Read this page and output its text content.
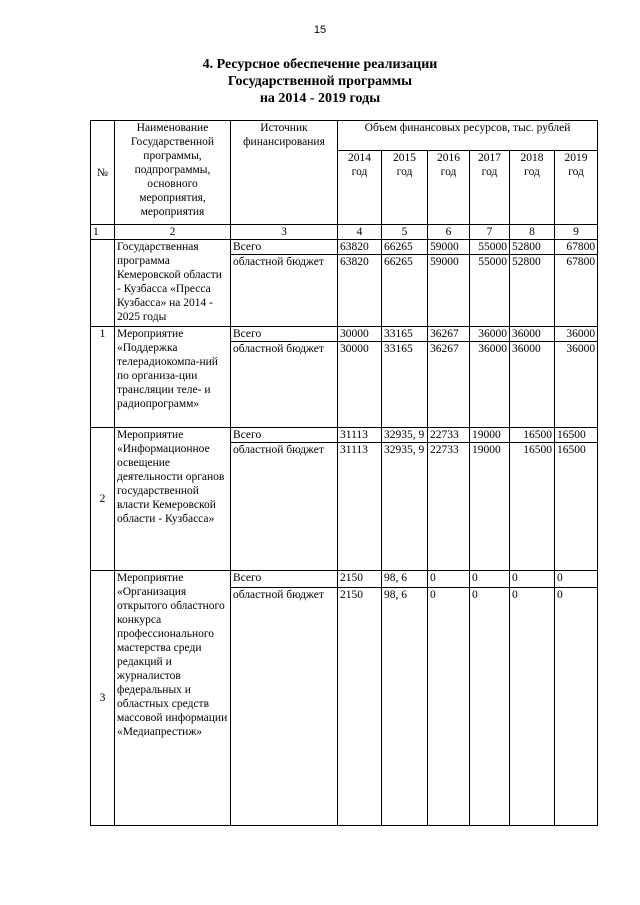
15
4. Ресурсное обеспечение реализации
Государственной программы
на 2014 - 2019 годы
№	Наименование Государственной программы, подпрограммы, основного мероприятия, мероприятия	Источник финансирования	Объем финансовых ресурсов, тыс. рублей					
			2014 год	2015 год	2016 год	2017 год	2018 год	2019 год
1	2	3	4	5	6	7	8	9
	Государственная программа Кемеровской области - Кузбасса «Пресса Кузбасса» на 2014 - 2025 годы	Всего	63820	66265	59000	55000	52800	67800
		областной бюджет	63820	66265	59000	55000	52800	67800
1	Мероприятие «Поддержка телерадиокомпа-ний по организа-ции трансляции теле- и радиопрограмм»	Всего	30000	33165	36267	36000	36000	36000
		областной бюджет	30000	33165	36267	36000	36000	36000
2	Мероприятие «Информационное освещение деятельности органов государственной власти Кемеровской области - Кузбасса»	Всего	31113	32935, 9	22733	19000	16500	16500
		областной бюджет	31113	32935, 9	22733	19000	16500	16500
3	Мероприятие «Организация открытого областного конкурса профессионального мастерства среди редакций и журналистов федеральных и областных средств массовой информации «Медиапрестиж»	Всего	2150	98, 6	0	0	0	0
		областной бюджет	2150	98, 6	0	0	0	0
